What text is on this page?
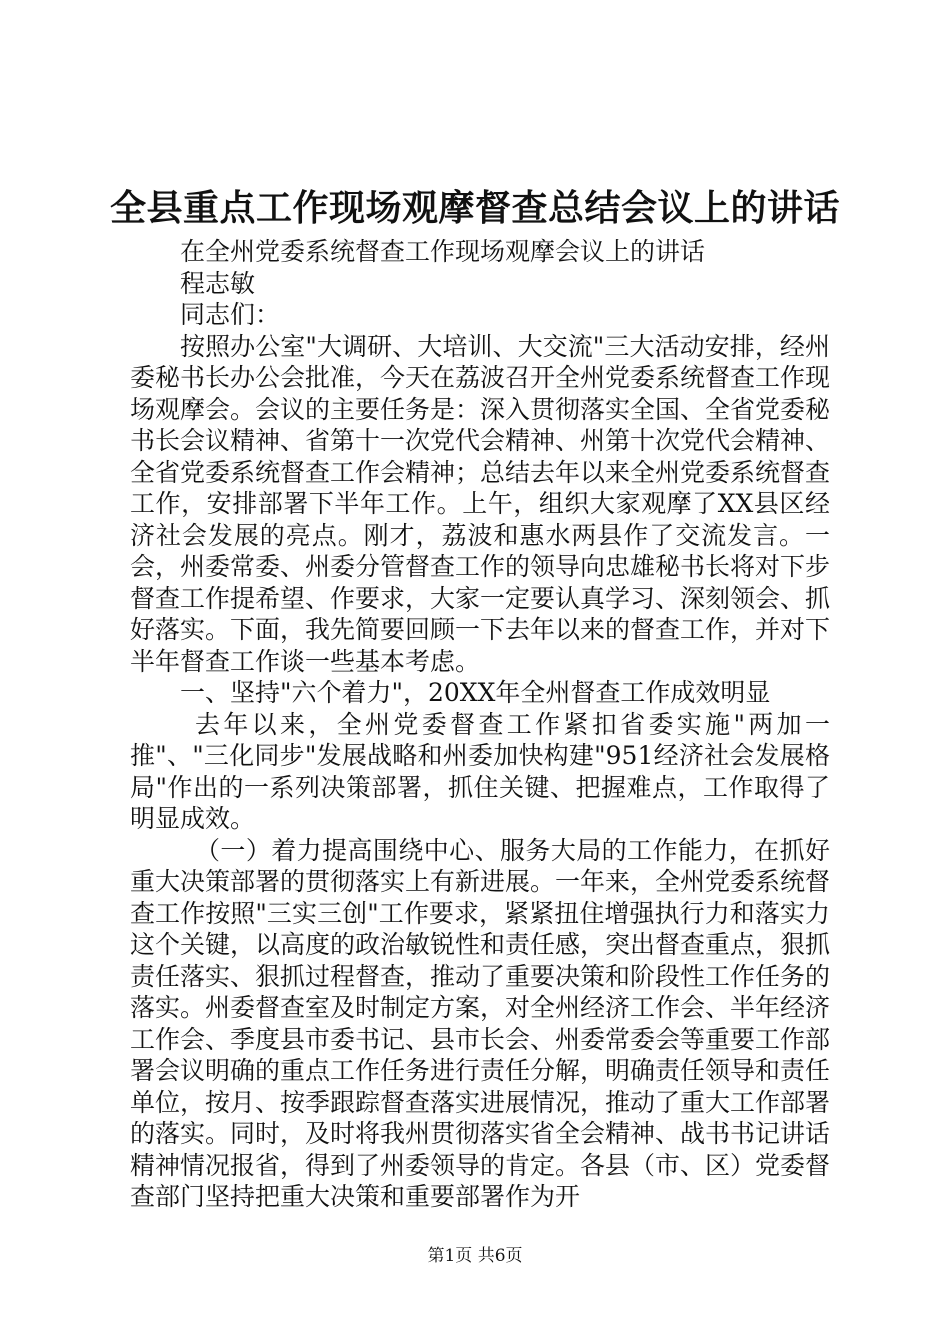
全县重点工作现场观摩督查总结会议上的讲话

在全州党委系统督查工作现场观摩会议上的讲话

程志敏

同志们：

按照办公室"大调研、大培训、大交流"三大活动安排，经州委秘书长办公会批准，今天在荔波召开全州党委系统督查工作现场观摩会。会议的主要任务是：深入贯彻落实全国、全省党委秘书长会议精神、省第十一次党代会精神、州第十次党代会精神、全省党委系统督查工作会精神；总结去年以来全州党委系统督查工作，安排部署下半年工作。上午，组织大家观摩了XX县区经济社会发展的亮点。刚才，荔波和惠水两县作了交流发言。一会，州委常委、州委分管督查工作的领导向忠雄秘书长将对下步督查工作提希望、作要求，大家一定要认真学习、深刻领会、抓好落实。下面，我先简要回顾一下去年以来的督查工作，并对下半年督查工作谈一些基本考虑。

一、坚持"六个着力"，20XX年全州督查工作成效明显

去年以来，全州党委督查工作紧扣省委实施"两加一推"、"三化同步"发展战略和州委加快构建"951经济社会发展格局"作出的一系列决策部署，抓住关键、把握难点，工作取得了明显成效。

（一）着力提高围绕中心、服务大局的工作能力，在抓好重大决策部署的贯彻落实上有新进展。一年来，全州党委系统督查工作按照"三实三创"工作要求，紧紧扭住增强执行力和落实力这个关键，以高度的政治敏锐性和责任感，突出督查重点，狠抓责任落实、狠抓过程督查，推动了重要决策和阶段性工作任务的落实。州委督查室及时制定方案，对全州经济工作会、半年经济工作会、季度县市委书记、县市长会、州委常委会等重要工作部署会议明确的重点工作任务进行责任分解，明确责任领导和责任单位，按月、按季跟踪督查落实进展情况，推动了重大工作部署的落实。同时，及时将我州贯彻落实省全会精神、战书书记讲话精神情况报省，得到了州委领导的肯定。各县（市、区）党委督查部门坚持把重大决策和重要部署作为开

第1页 共6页
